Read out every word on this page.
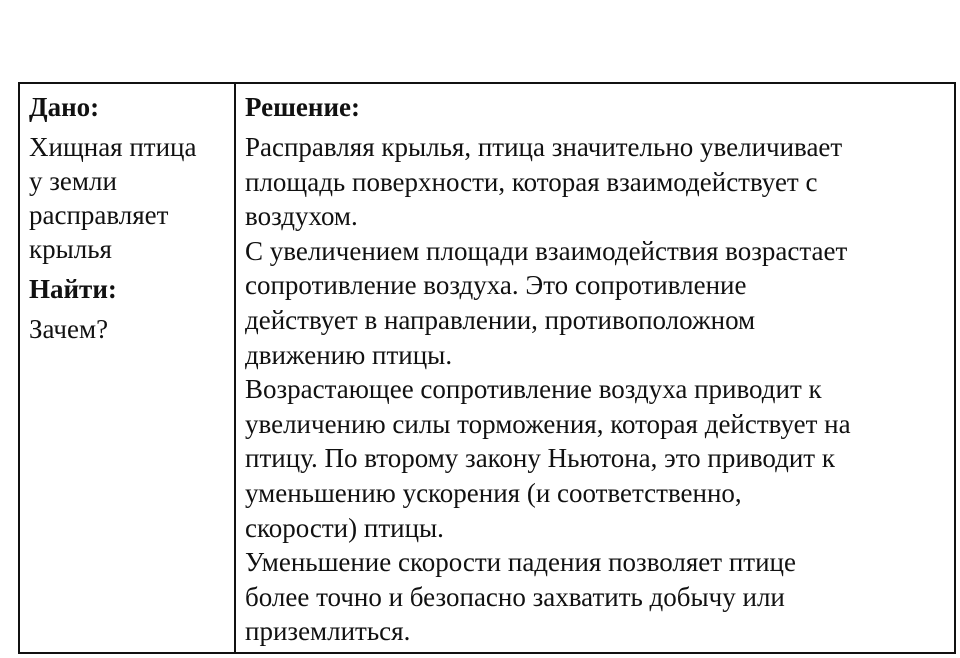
Дано:

Хищная птица
у земли
расправляет
крылья

Найти:

Зачем?

Решение:

Расправляя крылья, птица значительно увеличивает

площадь поверхности, которая взаимодействует с

воздухом.

С увеличением площади взаимодействия возрастает

сопротивление воздуха. Это сопротивление

действует в направлении, противоположном

движению птицы.

Возрастающее сопротивление воздуха приводит к

увеличению силы торможения, которая действует на

птицу. По второму закону Ньютона, это приводит к

уменьшению ускорения (и соответственно,

скорости) птицы.

Уменьшение скорости падения позволяет птице

более точно и безопасно захватить добычу или

приземлиться.
